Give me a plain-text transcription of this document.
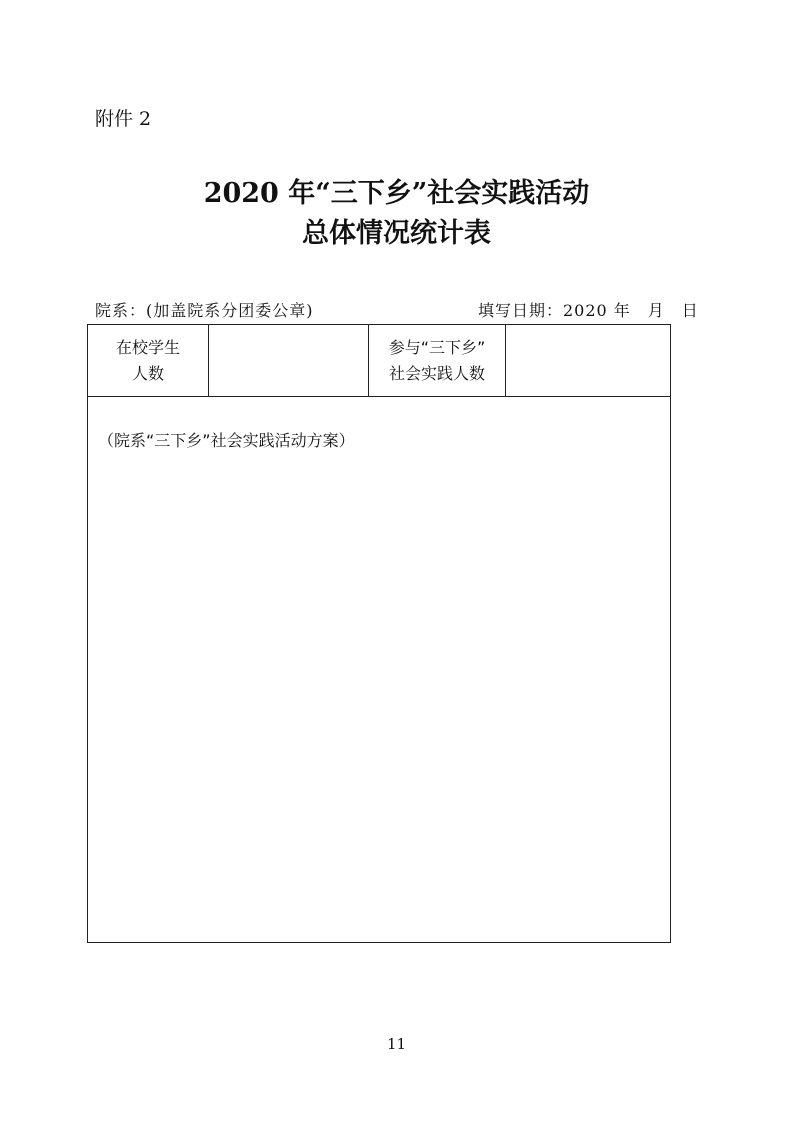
附件 2
2020 年“三下乡”社会实践活动
总体情况统计表
院系：(加盖院系分团委公章)	填写日期：2020 年　月　日
在校学生
人数
参与“三下乡”
社会实践人数
（院系“三下乡”社会实践活动方案）
11
